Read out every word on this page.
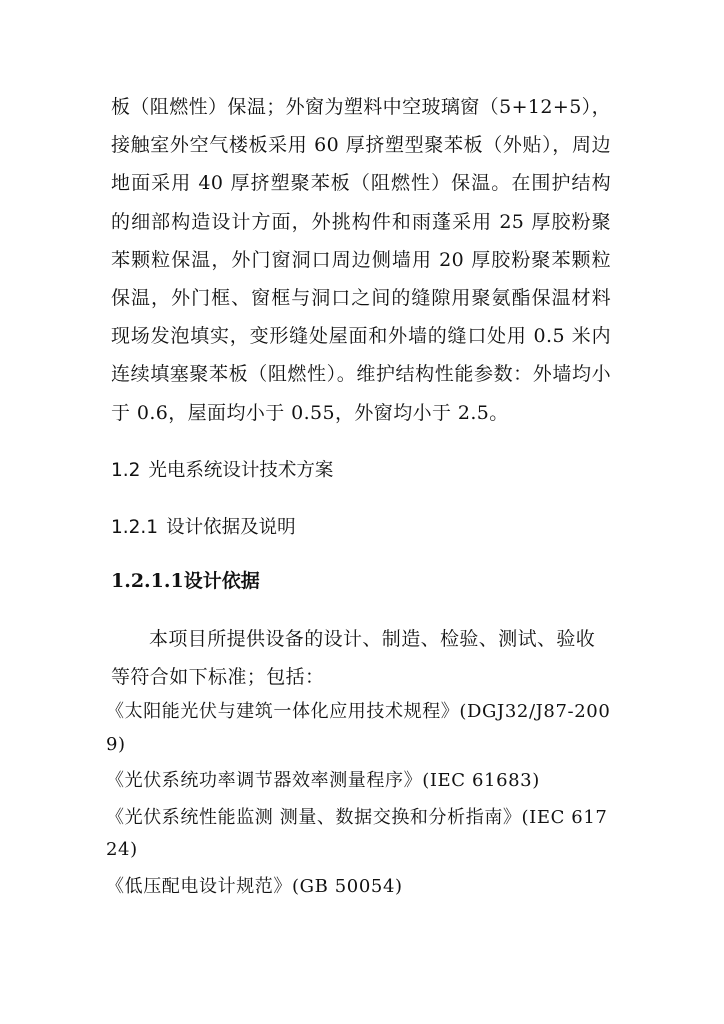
板（阻燃性）保温；外窗为塑料中空玻璃窗（5+12+5），接触室外空气楼板采用 60 厚挤塑型聚苯板（外贴），周边地面采用 40 厚挤塑聚苯板（阻燃性）保温。在围护结构的细部构造设计方面，外挑构件和雨蓬采用 25 厚胶粉聚苯颗粒保温，外门窗洞口周边侧墙用 20 厚胶粉聚苯颗粒保温，外门框、窗框与洞口之间的缝隙用聚氨酯保温材料现场发泡填实，变形缝处屋面和外墙的缝口处用 0.5 米内连续填塞聚苯板（阻燃性）。维护结构性能参数：外墙均小于 0.6，屋面均小于 0.55，外窗均小于 2.5。

1.2 光电系统设计技术方案
1.2.1 设计依据及说明
1.2.1.1设计依据

本项目所提供设备的设计、制造、检验、测试、验收等符合如下标准；包括：

《太阳能光伏与建筑一体化应用技术规程》(DGJ32/J87-2009)
《光伏系统功率调节器效率测量程序》(IEC 61683)
《光伏系统性能监测 测量、数据交换和分析指南》(IEC 61724)
《低压配电设计规范》(GB 50054)
